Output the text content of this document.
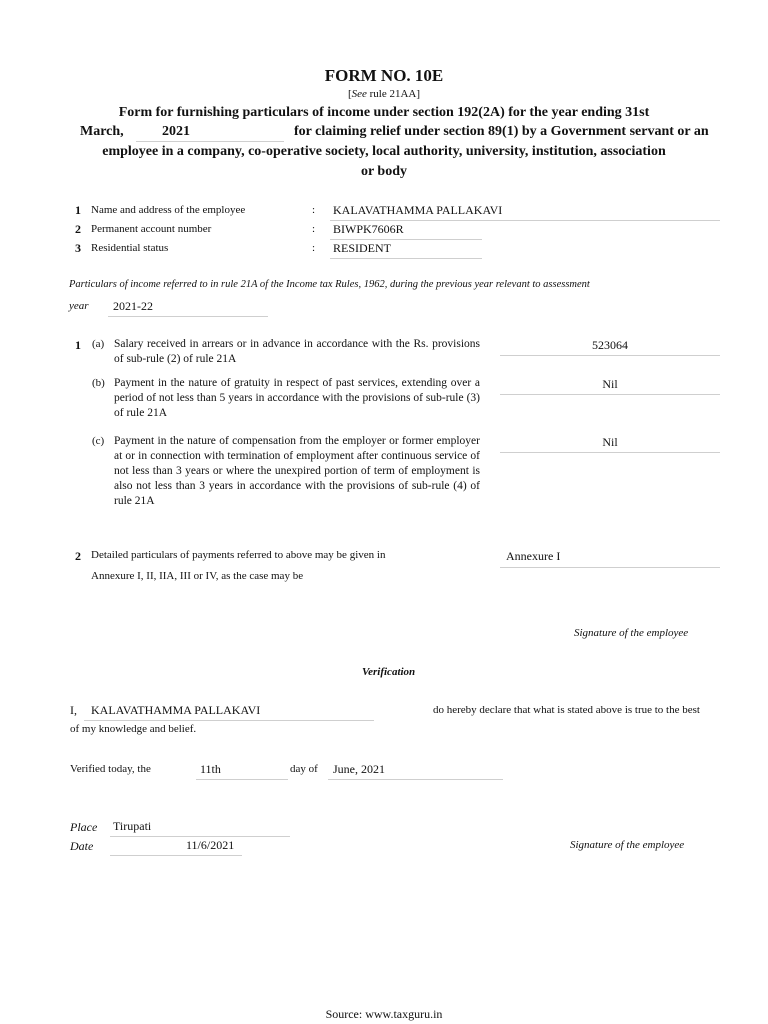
FORM NO. 10E
[See rule 21AA]
Form for furnishing particulars of income under section 192(2A) for the year ending 31st
March,	2021	for claiming relief under section 89(1) by a Government servant or an
employee in a company, co-operative society, local authority, university, institution, association
or body
1 Name and address of the employee	: KALAVATHAMMA PALLAKAVI
2 Permanent account number	: BIWPK7606R
3 Residential status	: RESIDENT
Particulars of income referred to in rule 21A of the Income tax Rules, 1962, during the previous year relevant to assessment
year 2021-22
1 (a) Salary received in arrears or in advance in accordance with the Rs. provisions of sub-rule (2) of rule 21A
523064
(b) Payment in the nature of gratuity in respect of past services, extending over a period of not less than 5 years in accordance with the provisions of sub-rule (3) of rule 21A
Nil
(c) Payment in the nature of compensation from the employer or former employer at or in connection with termination of employment after continuous service of not less than 3 years or where the unexpired portion of term of employment is also not less than 3 years in accordance with the provisions of sub-rule (4) of rule 21A
Nil
2 Detailed particulars of payments referred to above may be given in
Annexure I, II, IIA, III or IV, as the case may be
Annexure I
Signature of the employee
Verification
I, KALAVATHAMMA PALLAKAVI	do hereby declare that what is stated above is true to the best
of my knowledge and belief.
Verified today, the	11th	day of June, 2021
Place Tirupati
Date	11/6/2021	Signature of the employee
Source: www.taxguru.in
